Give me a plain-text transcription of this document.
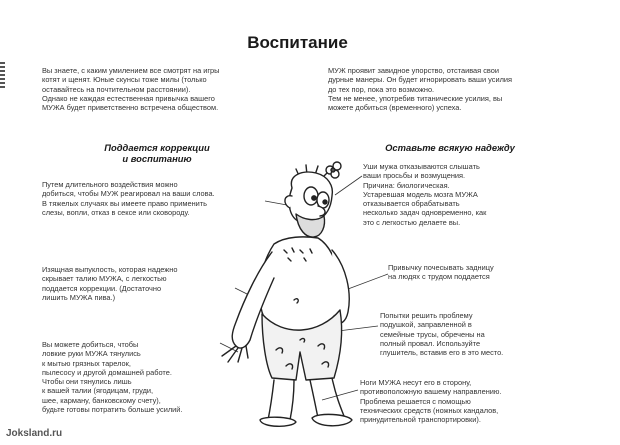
Воспитание
Вы знаете, с каким умилением все смотрят на игры
котят и щенят. Юные скунсы тоже милы (только
оставайтесь на почтительном расстоянии).
Однако не каждая естественная привычка вашего
МУЖА будет приветственно встречена обществом.
МУЖ проявит завидное упорство, отстаивая свои
дурные манеры. Он будет игнорировать ваши усилия
до тех пор, пока это возможно.
Тем не менее, употребив титанические усилия, вы
можете добиться (временного) успеха.
Поддается коррекции
и воспитанию
Оставьте всякую надежду
Путем длительного воздействия можно
добиться, чтобы МУЖ реагировал на ваши слова.
В тяжелых случаях вы имеете право применить
слезы, вопли, отказ в сексе или сковороду.
Изящная выпуклость, которая надежно
скрывает талию МУЖА, с легкостью
поддается коррекции. (Достаточно
лишить МУЖА пива.)
Вы можете добиться, чтобы
ловкие руки МУЖА тянулись
к мытью грязных тарелок,
пылесосу и другой домашней работе.
Чтобы они тянулись лишь
к вашей талии (ягодицам, груди,
шее, карману, банковскому счету),
будьте готовы потратить больше усилий.
Уши мужа отказываются слышать
ваши просьбы и возмущения.
Причина: биологическая.
Устаревшая модель мозга МУЖА
отказывается обрабатывать
несколько задач одновременно, как
это с легкостью делаете вы.
Привычку почесывать задницу
на людях с трудом поддается
Попытки решить проблему
подушкой, заправленной в
семейные трусы, обречены на
полный провал. Используйте
глушитель, вставив его в это место.
Ноги МУЖА несут его в сторону,
противоположную вашему направлению.
Проблема решается с помощью
технических средств (ножных кандалов,
принудительной транспортировки).
Joksland.ru
